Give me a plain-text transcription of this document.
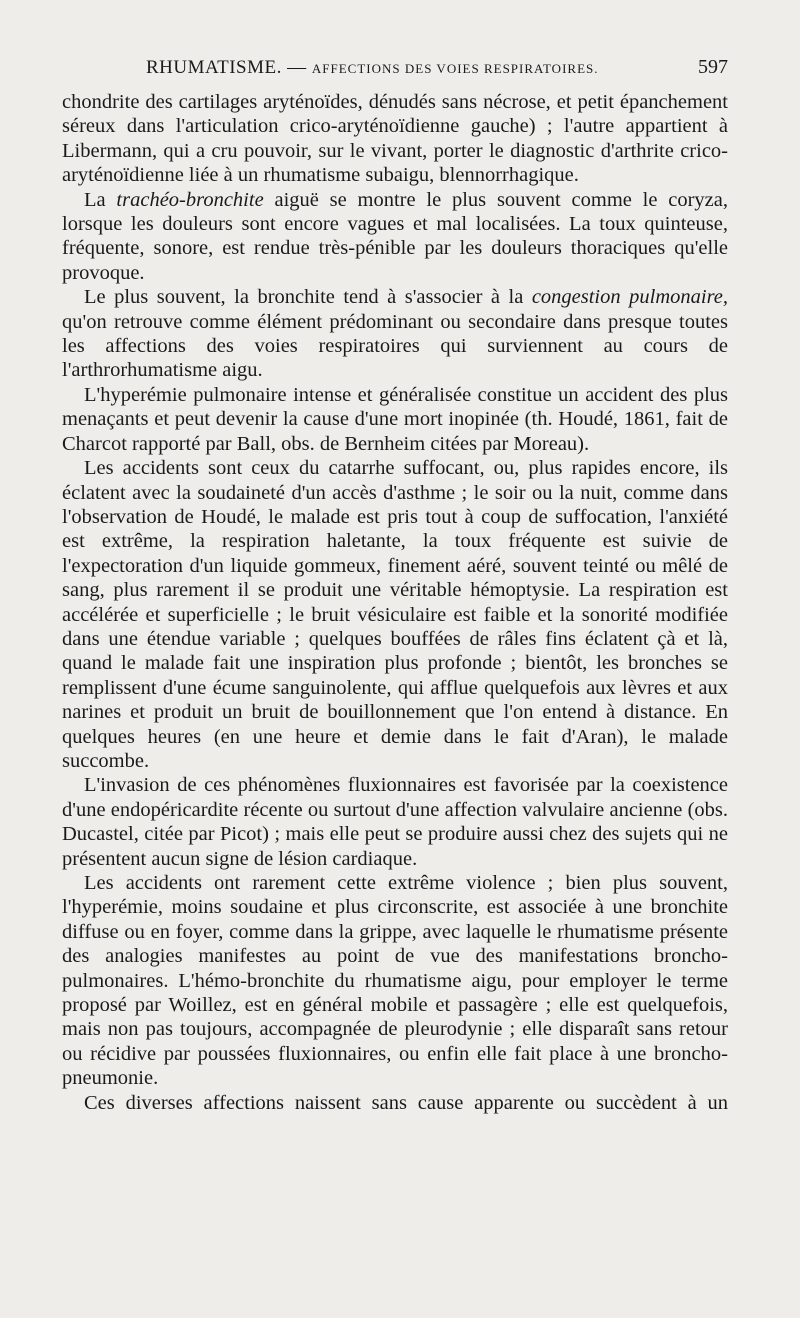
RHUMATISME. — AFFECTIONS DES VOIES RESPIRATOIRES.	597

chondrite des cartilages aryténoïdes, dénudés sans nécrose, et petit épanchement séreux dans l'articulation crico-aryténoïdienne gauche) ; l'autre appartient à Libermann, qui a cru pouvoir, sur le vivant, porter le diagnostic d'arthrite crico-aryténoïdienne liée à un rhumatisme subaigu, blennorrhagique.

La trachéo-bronchite aiguë se montre le plus souvent comme le coryza, lorsque les douleurs sont encore vagues et mal localisées. La toux quinteuse, fréquente, sonore, est rendue très-pénible par les douleurs thoraciques qu'elle provoque.

Le plus souvent, la bronchite tend à s'associer à la congestion pulmonaire, qu'on retrouve comme élément prédominant ou secondaire dans presque toutes les affections des voies respiratoires qui surviennent au cours de l'arthrorhumatisme aigu.

L'hyperémie pulmonaire intense et généralisée constitue un accident des plus menaçants et peut devenir la cause d'une mort inopinée (th. Houdé, 1861, fait de Charcot rapporté par Ball, obs. de Bernheim citées par Moreau).

Les accidents sont ceux du catarrhe suffocant, ou, plus rapides encore, ils éclatent avec la soudaineté d'un accès d'asthme ; le soir ou la nuit, comme dans l'observation de Houdé, le malade est pris tout à coup de suffocation, l'anxiété est extrême, la respiration haletante, la toux fréquente est suivie de l'expectoration d'un liquide gommeux, finement aéré, souvent teinté ou mêlé de sang, plus rarement il se produit une véritable hémoptysie. La respiration est accélérée et superficielle ; le bruit vésiculaire est faible et la sonorité modifiée dans une étendue variable ; quelques bouffées de râles fins éclatent çà et là, quand le malade fait une inspiration plus profonde ; bientôt, les bronches se remplissent d'une écume sanguinolente, qui afflue quelquefois aux lèvres et aux narines et produit un bruit de bouillonnement que l'on entend à distance. En quelques heures (en une heure et demie dans le fait d'Aran), le malade succombe.

L'invasion de ces phénomènes fluxionnaires est favorisée par la coexistence d'une endopéricardite récente ou surtout d'une affection valvulaire ancienne (obs. Ducastel, citée par Picot) ; mais elle peut se produire aussi chez des sujets qui ne présentent aucun signe de lésion cardiaque.

Les accidents ont rarement cette extrême violence ; bien plus souvent, l'hyperémie, moins soudaine et plus circonscrite, est associée à une bronchite diffuse ou en foyer, comme dans la grippe, avec laquelle le rhumatisme présente des analogies manifestes au point de vue des manifestations broncho-pulmonaires. L'hémo-bronchite du rhumatisme aigu, pour employer le terme proposé par Woillez, est en général mobile et passagère ; elle est quelquefois, mais non pas toujours, accompagnée de pleurodynie ; elle disparaît sans retour ou récidive par poussées fluxionnaires, ou enfin elle fait place à une broncho-pneumonie.

Ces diverses affections naissent sans cause apparente ou succèdent à un
